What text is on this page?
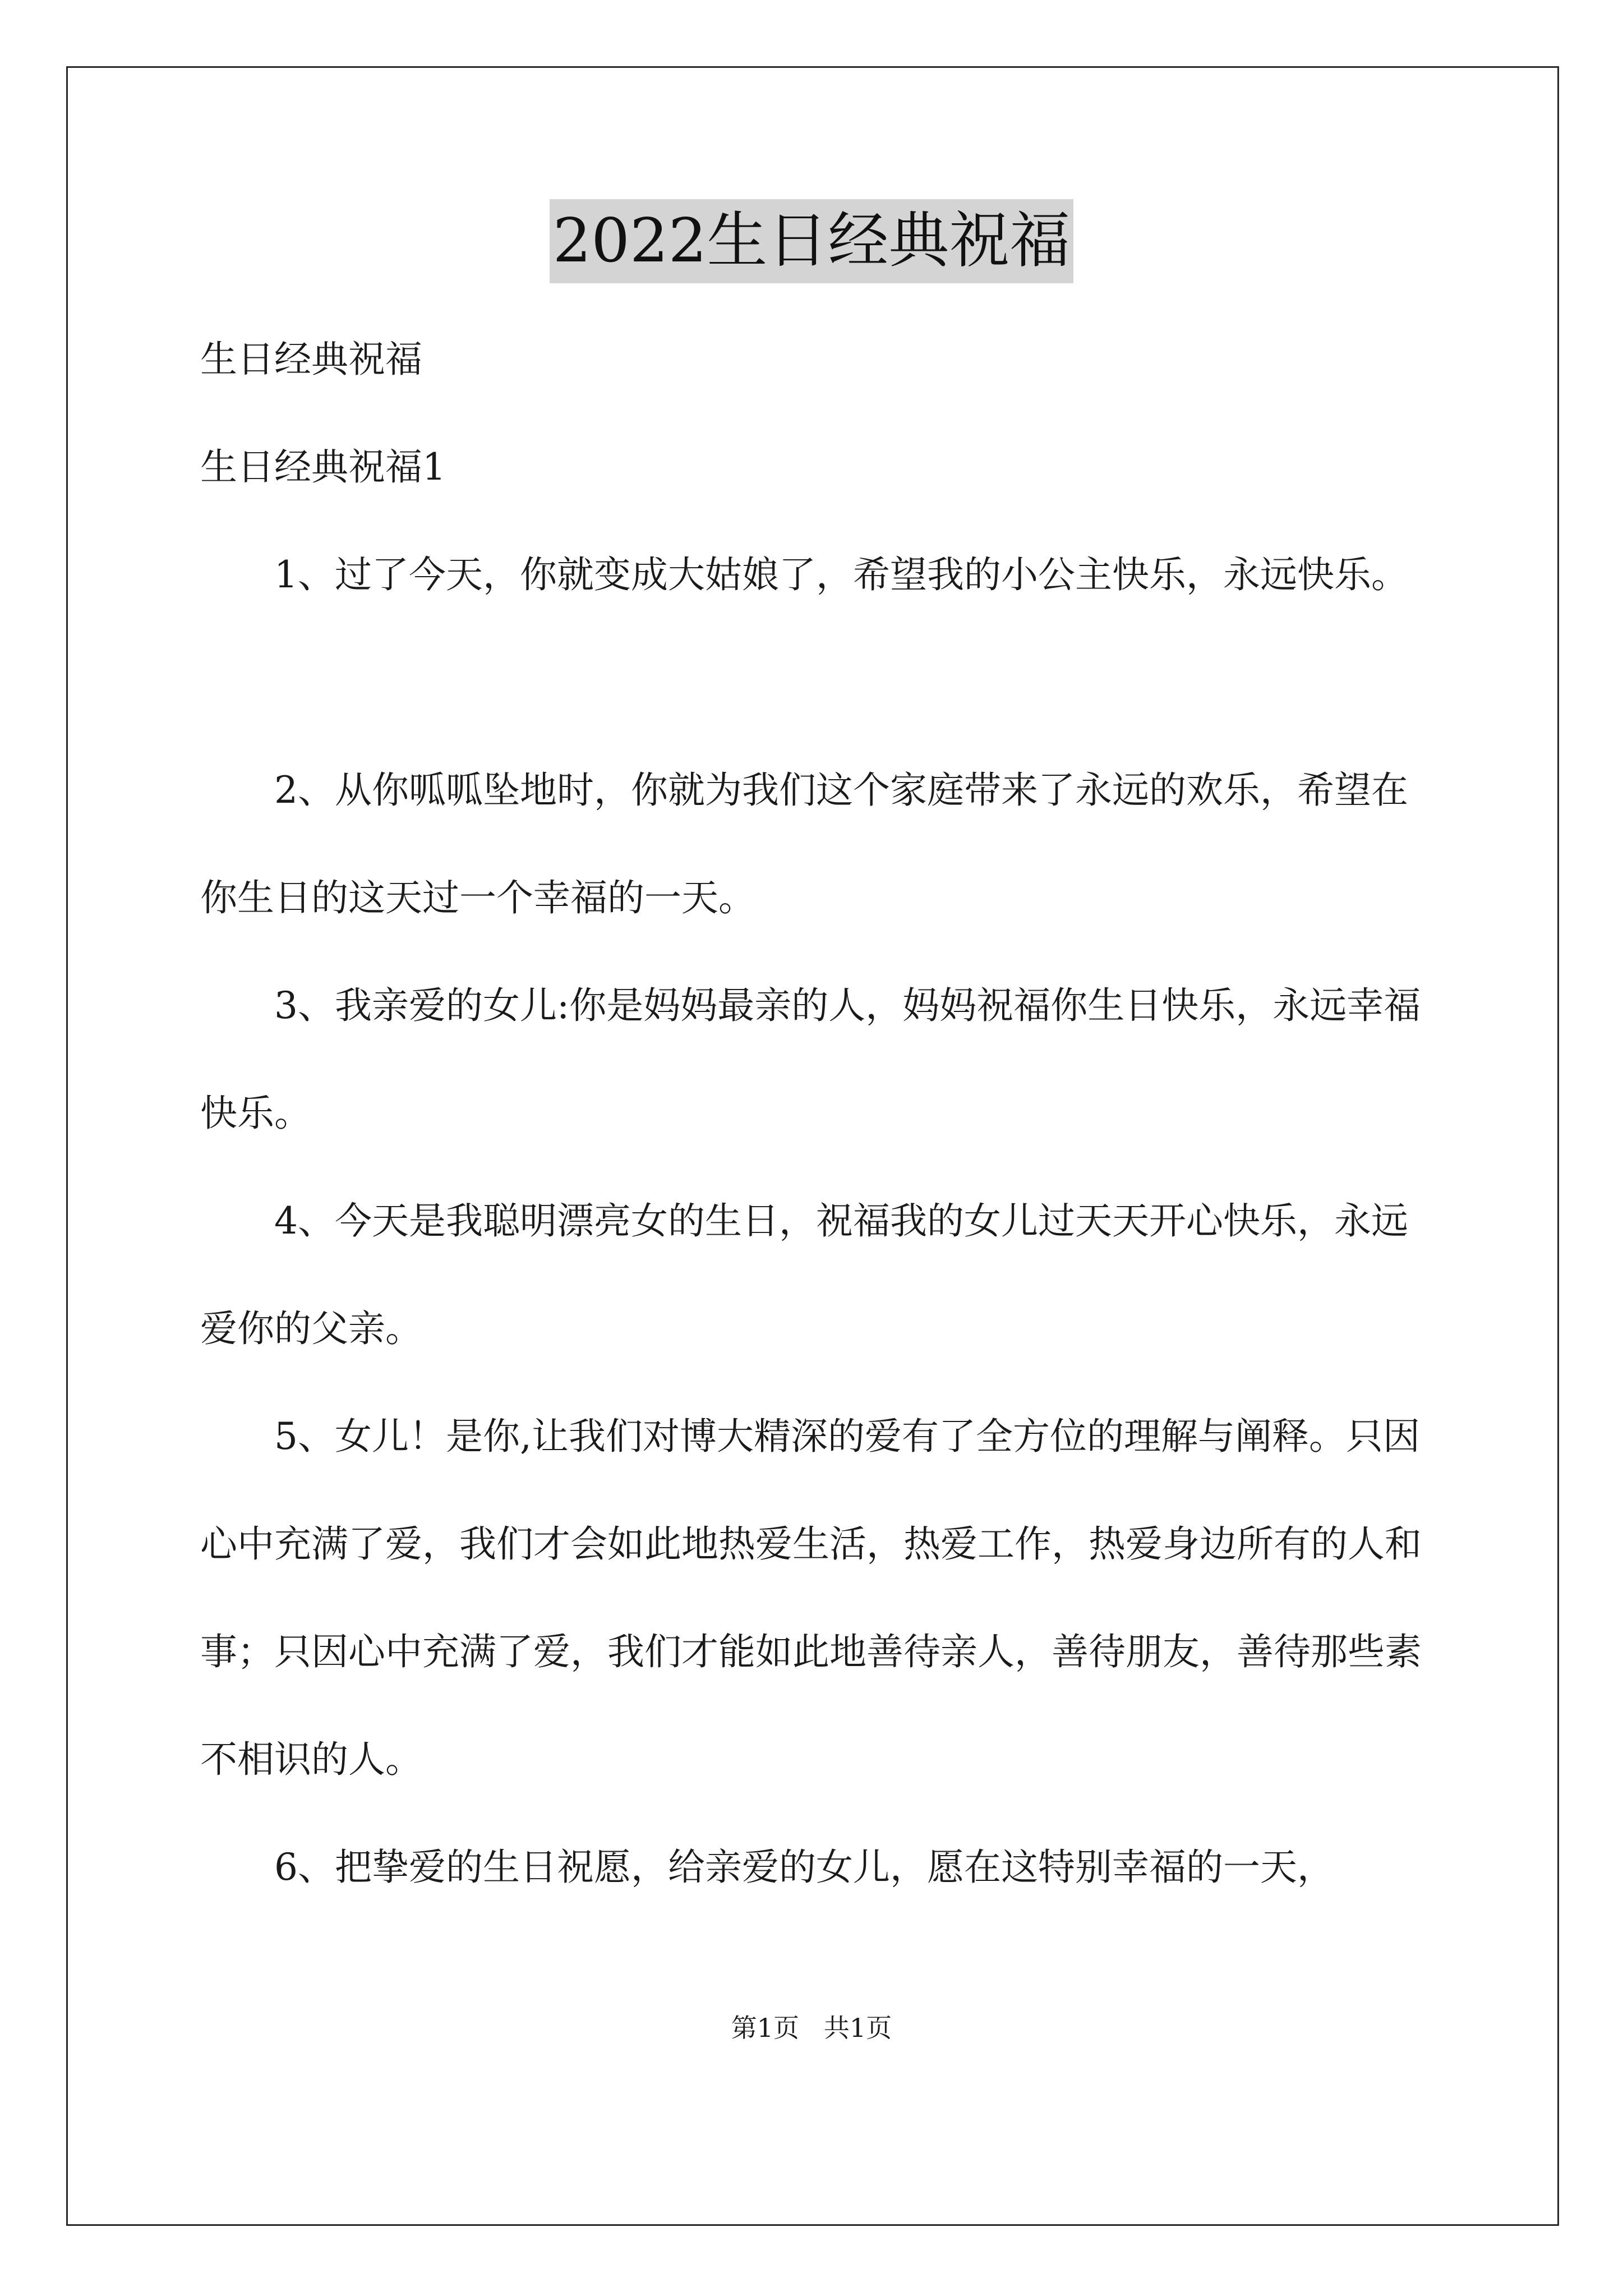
2022生日经典祝福

生日经典祝福

生日经典祝福1

1、过了今天，你就变成大姑娘了，希望我的小公主快乐，永远快乐。

2、从你呱呱坠地时，你就为我们这个家庭带来了永远的欢乐，希望在你生日的这天过一个幸福的一天。

3、我亲爱的女儿:你是妈妈最亲的人，妈妈祝福你生日快乐，永远幸福快乐。

4、今天是我聪明漂亮女的生日，祝福我的女儿过天天开心快乐，永远爱你的父亲。

5、女儿！是你,让我们对博大精深的爱有了全方位的理解与阐释。只因心中充满了爱，我们才会如此地热爱生活，热爱工作，热爱身边所有的人和事；只因心中充满了爱，我们才能如此地善待亲人，善待朋友，善待那些素不相识的人。

6、把挚爱的生日祝愿，给亲爱的女儿，愿在这特别幸福的一天，

第1页   共1页
